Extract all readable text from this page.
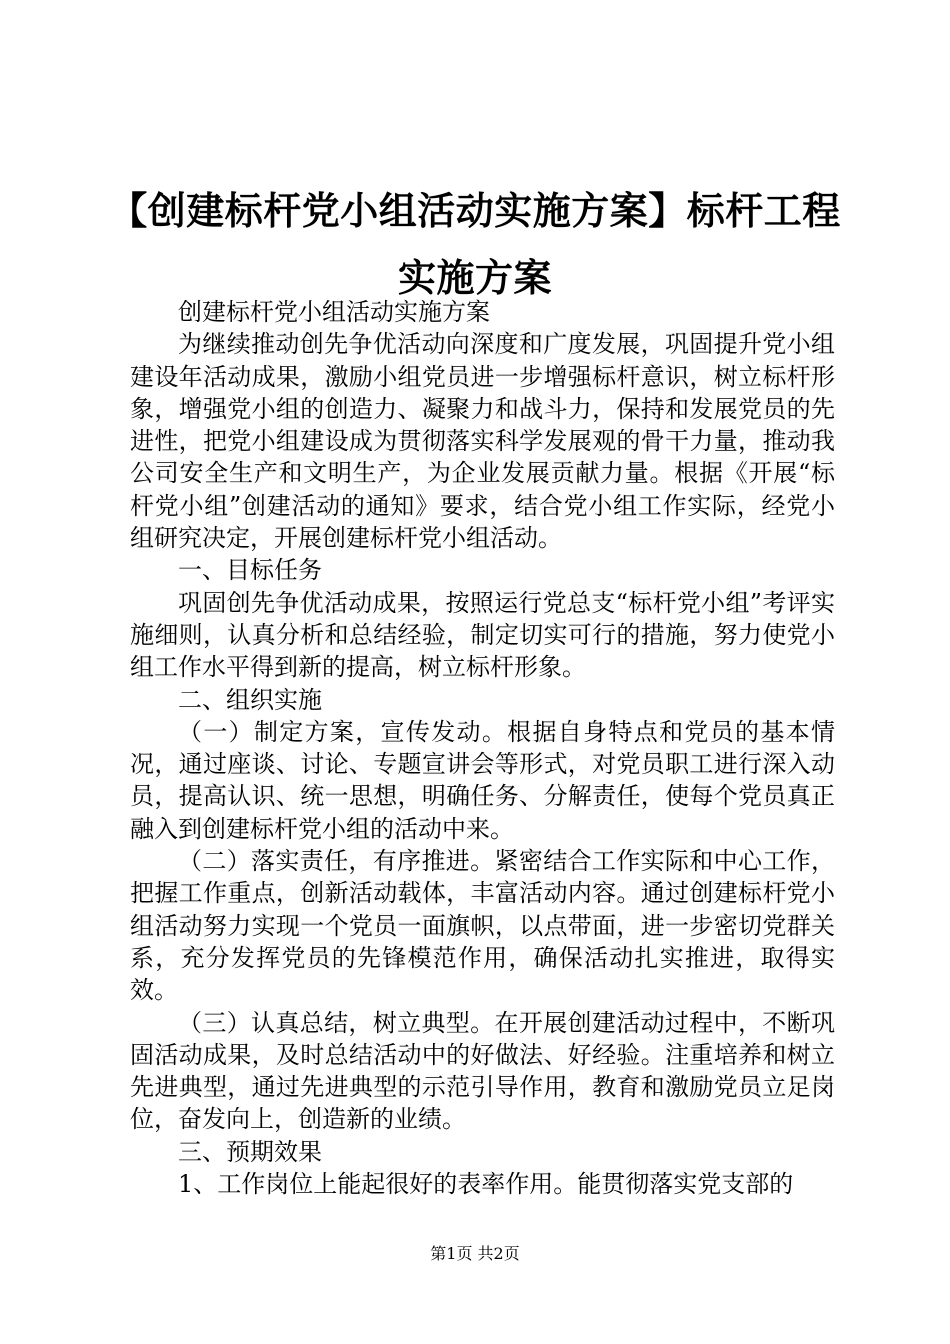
【创建标杆党小组活动实施方案】标杆工程实施方案

创建标杆党小组活动实施方案

为继续推动创先争优活动向深度和广度发展，巩固提升党小组建设年活动成果，激励小组党员进一步增强标杆意识，树立标杆形象，增强党小组的创造力、凝聚力和战斗力，保持和发展党员的先进性，把党小组建设成为贯彻落实科学发展观的骨干力量，推动我公司安全生产和文明生产，为企业发展贡献力量。根据《开展“标杆党小组”创建活动的通知》要求，结合党小组工作实际，经党小组研究决定，开展创建标杆党小组活动。

一、目标任务

巩固创先争优活动成果，按照运行党总支“标杆党小组”考评实施细则，认真分析和总结经验，制定切实可行的措施，努力使党小组工作水平得到新的提高，树立标杆形象。

二、组织实施

（一）制定方案，宣传发动。根据自身特点和党员的基本情况，通过座谈、讨论、专题宣讲会等形式，对党员职工进行深入动员，提高认识、统一思想，明确任务、分解责任，使每个党员真正融入到创建标杆党小组的活动中来。

（二）落实责任，有序推进。紧密结合工作实际和中心工作，把握工作重点，创新活动载体，丰富活动内容。通过创建标杆党小组活动努力实现一个党员一面旗帜，以点带面，进一步密切党群关系，充分发挥党员的先锋模范作用，确保活动扎实推进，取得实效。

（三）认真总结，树立典型。在开展创建活动过程中，不断巩固活动成果，及时总结活动中的好做法、好经验。注重培养和树立先进典型，通过先进典型的示范引导作用，教育和激励党员立足岗位，奋发向上，创造新的业绩。

三、预期效果

1、工作岗位上能起很好的表率作用。能贯彻落实党支部的

第1页 共2页
